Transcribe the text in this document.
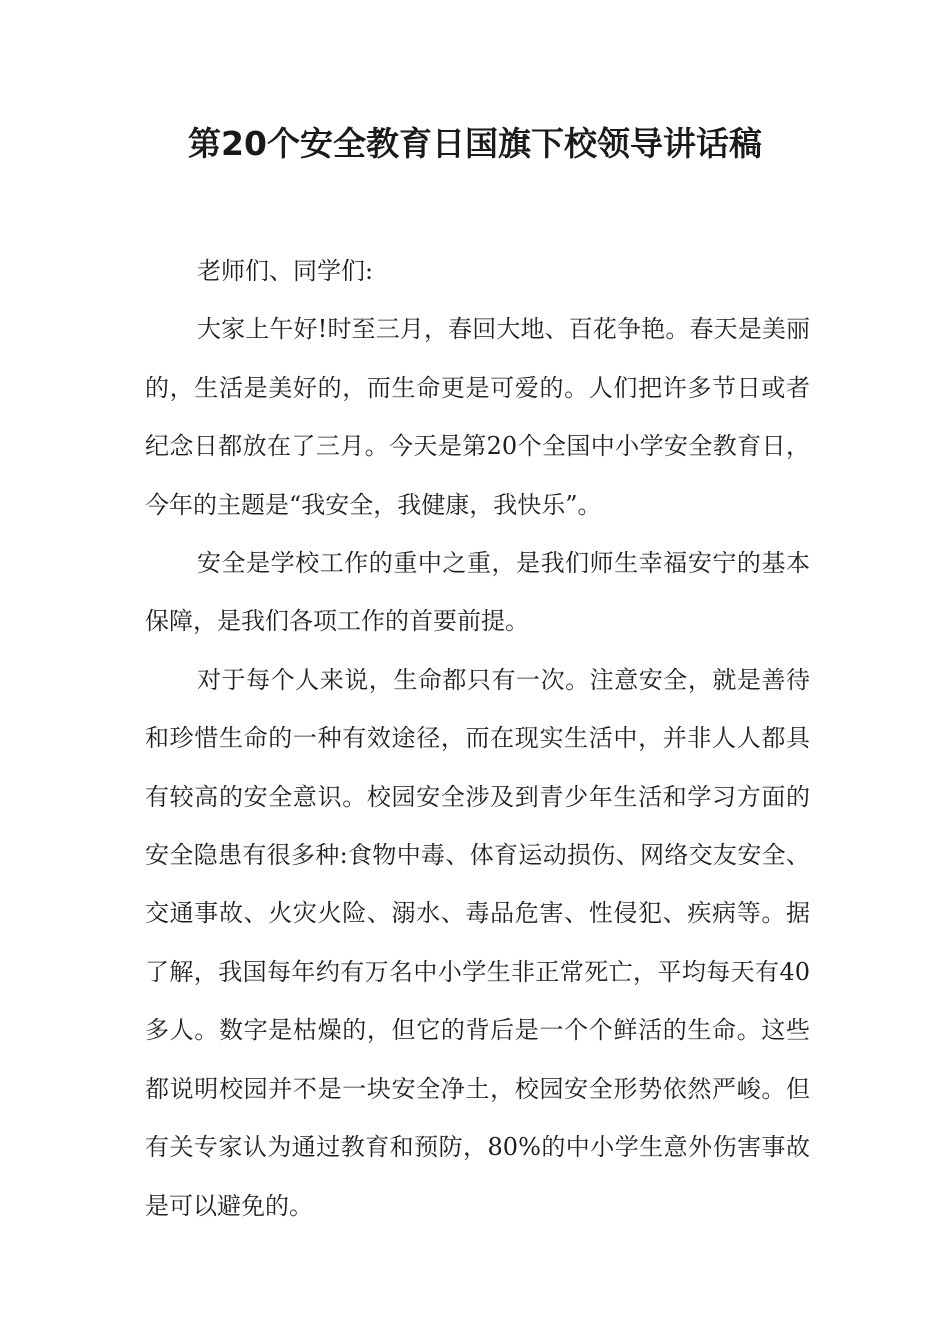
第20个安全教育日国旗下校领导讲话稿

老师们、同学们:

大家上午好!时至三月，春回大地、百花争艳。春天是美丽的，生活是美好的，而生命更是可爱的。人们把许多节日或者纪念日都放在了三月。今天是第20个全国中小学安全教育日，今年的主题是“我安全，我健康，我快乐”。

安全是学校工作的重中之重，是我们师生幸福安宁的基本保障，是我们各项工作的首要前提。

对于每个人来说，生命都只有一次。注意安全，就是善待和珍惜生命的一种有效途径，而在现实生活中，并非人人都具有较高的安全意识。校园安全涉及到青少年生活和学习方面的安全隐患有很多种:食物中毒、体育运动损伤、网络交友安全、交通事故、火灾火险、溺水、毒品危害、性侵犯、疾病等。据了解，我国每年约有万名中小学生非正常死亡，平均每天有40多人。数字是枯燥的，但它的背后是一个个鲜活的生命。这些都说明校园并不是一块安全净土，校园安全形势依然严峻。但有关专家认为通过教育和预防，80%的中小学生意外伤害事故是可以避免的。
